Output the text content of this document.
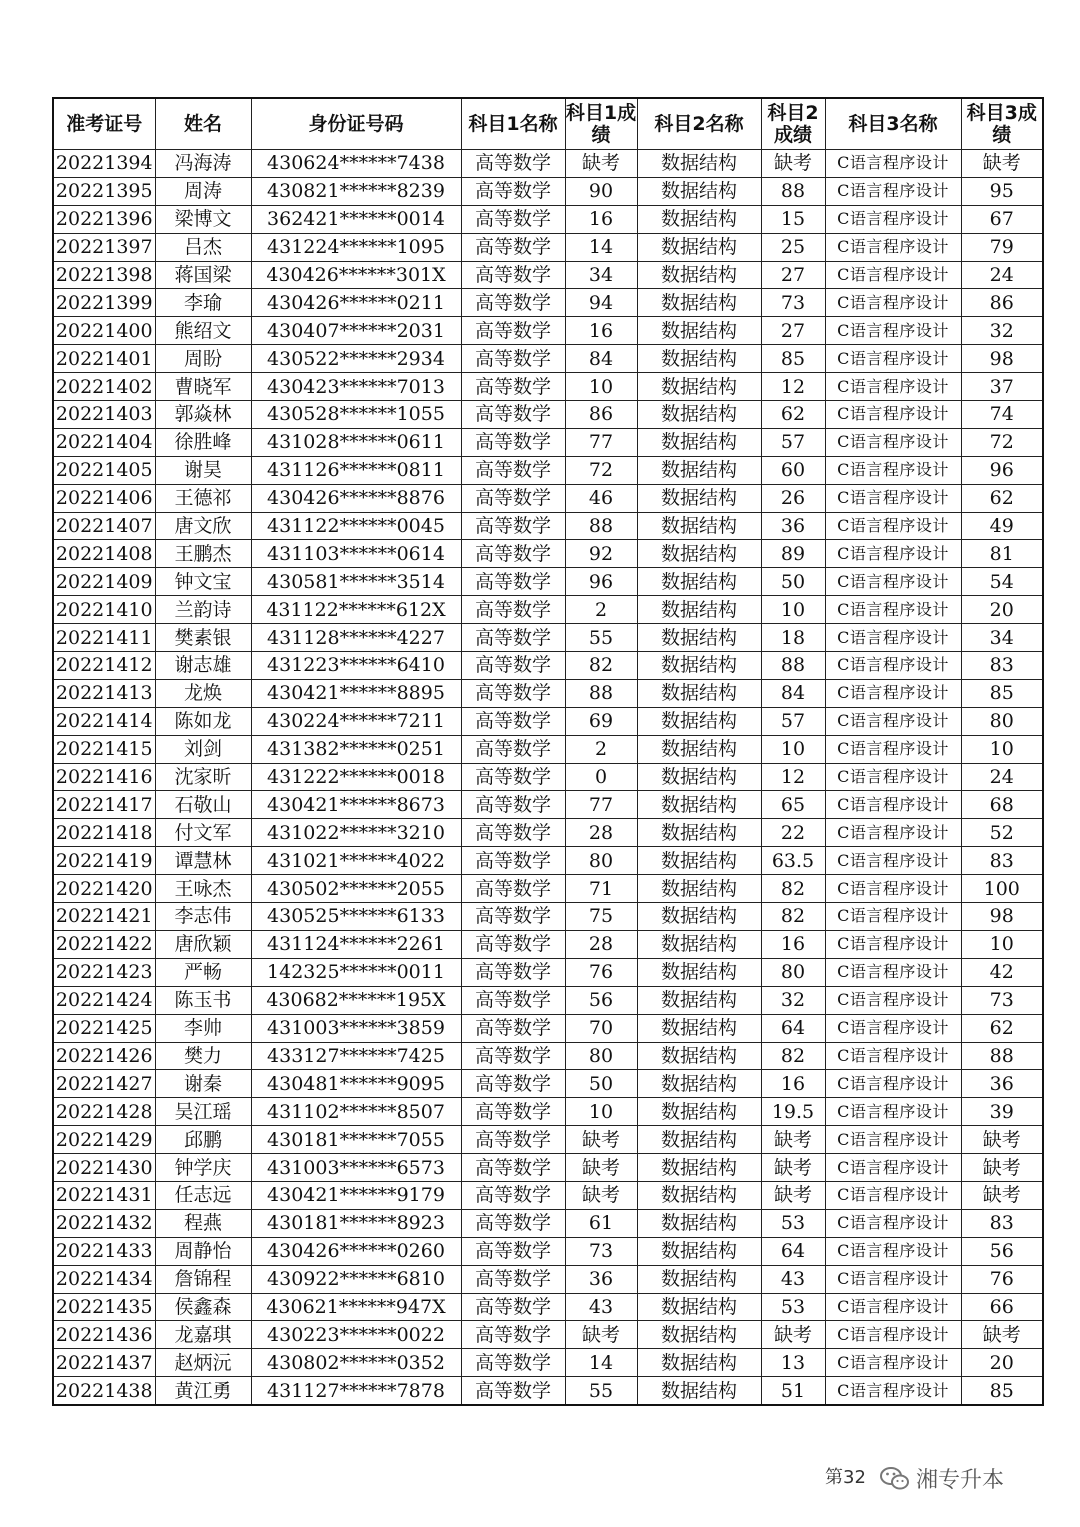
准考证号	姓名	身份证号码	科目1名称	科目1成绩	科目2名称	科目2成绩	科目3名称	科目3成绩
20221394	冯海涛	430624******7438	高等数学	缺考	数据结构	缺考	C语言程序设计	缺考
20221395	周涛	430821******8239	高等数学	90	数据结构	88	C语言程序设计	95
20221396	梁博文	362421******0014	高等数学	16	数据结构	15	C语言程序设计	67
20221397	吕杰	431224******1095	高等数学	14	数据结构	25	C语言程序设计	79
20221398	蒋国梁	430426******301X	高等数学	34	数据结构	27	C语言程序设计	24
20221399	李瑜	430426******0211	高等数学	94	数据结构	73	C语言程序设计	86
20221400	熊绍文	430407******2031	高等数学	16	数据结构	27	C语言程序设计	32
20221401	周盼	430522******2934	高等数学	84	数据结构	85	C语言程序设计	98
20221402	曹晓军	430423******7013	高等数学	10	数据结构	12	C语言程序设计	37
20221403	郭焱林	430528******1055	高等数学	86	数据结构	62	C语言程序设计	74
20221404	徐胜峰	431028******0611	高等数学	77	数据结构	57	C语言程序设计	72
20221405	谢昊	431126******0811	高等数学	72	数据结构	60	C语言程序设计	96
20221406	王德祁	430426******8876	高等数学	46	数据结构	26	C语言程序设计	62
20221407	唐文欣	431122******0045	高等数学	88	数据结构	36	C语言程序设计	49
20221408	王鹏杰	431103******0614	高等数学	92	数据结构	89	C语言程序设计	81
20221409	钟文宝	430581******3514	高等数学	96	数据结构	50	C语言程序设计	54
20221410	兰韵诗	431122******612X	高等数学	2	数据结构	10	C语言程序设计	20
20221411	樊素银	431128******4227	高等数学	55	数据结构	18	C语言程序设计	34
20221412	谢志雄	431223******6410	高等数学	82	数据结构	88	C语言程序设计	83
20221413	龙焕	430421******8895	高等数学	88	数据结构	84	C语言程序设计	85
20221414	陈如龙	430224******7211	高等数学	69	数据结构	57	C语言程序设计	80
20221415	刘剑	431382******0251	高等数学	2	数据结构	10	C语言程序设计	10
20221416	沈家昕	431222******0018	高等数学	0	数据结构	12	C语言程序设计	24
20221417	石敬山	430421******8673	高等数学	77	数据结构	65	C语言程序设计	68
20221418	付文军	431022******3210	高等数学	28	数据结构	22	C语言程序设计	52
20221419	谭慧林	431021******4022	高等数学	80	数据结构	63.5	C语言程序设计	83
20221420	王咏杰	430502******2055	高等数学	71	数据结构	82	C语言程序设计	100
20221421	李志伟	430525******6133	高等数学	75	数据结构	82	C语言程序设计	98
20221422	唐欣颖	431124******2261	高等数学	28	数据结构	16	C语言程序设计	10
20221423	严畅	142325******0011	高等数学	76	数据结构	80	C语言程序设计	42
20221424	陈玉书	430682******195X	高等数学	56	数据结构	32	C语言程序设计	73
20221425	李帅	431003******3859	高等数学	70	数据结构	64	C语言程序设计	62
20221426	樊力	433127******7425	高等数学	80	数据结构	82	C语言程序设计	88
20221427	谢秦	430481******9095	高等数学	50	数据结构	16	C语言程序设计	36
20221428	吴江瑶	431102******8507	高等数学	10	数据结构	19.5	C语言程序设计	39
20221429	邱鹏	430181******7055	高等数学	缺考	数据结构	缺考	C语言程序设计	缺考
20221430	钟学庆	431003******6573	高等数学	缺考	数据结构	缺考	C语言程序设计	缺考
20221431	任志远	430421******9179	高等数学	缺考	数据结构	缺考	C语言程序设计	缺考
20221432	程燕	430181******8923	高等数学	61	数据结构	53	C语言程序设计	83
20221433	周静怡	430426******0260	高等数学	73	数据结构	64	C语言程序设计	56
20221434	詹锦程	430922******6810	高等数学	36	数据结构	43	C语言程序设计	76
20221435	侯鑫森	430621******947X	高等数学	43	数据结构	53	C语言程序设计	66
20221436	龙嘉琪	430223******0022	高等数学	缺考	数据结构	缺考	C语言程序设计	缺考
20221437	赵炳沅	430802******0352	高等数学	14	数据结构	13	C语言程序设计	20
20221438	黄江勇	431127******7878	高等数学	55	数据结构	51	C语言程序设计	85
第32 湘专升本
